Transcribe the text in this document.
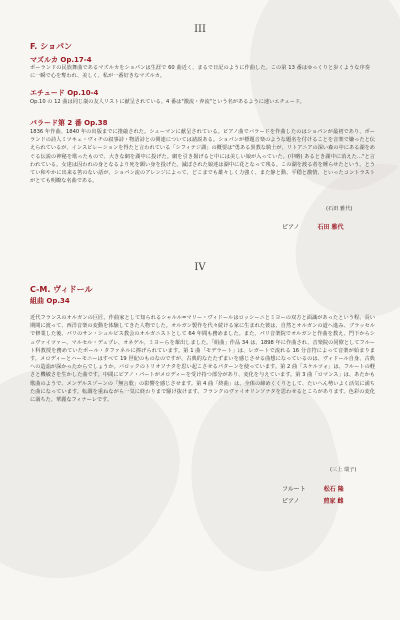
III
F. ショパン
マズルカ Op.17-4
ポーランドの民族舞曲であるマズルカをショパンは生涯で 60 曲近く、まるで日記のように作曲した。この第 13 番はゆっくりと歩くような序奏に一瞬で心を奪われ、美しく、私が一番好きなマズルカ。
エチュード Op.10-4
Op.10 の 12 曲は同じ歳の友人リストに献呈されている。4 番は"激流・奔流"という名があるように速いエチュード。
バラード第 2 番 Op.38
1836 年作曲、1840 年の出版までに推敲された。シューマンに献呈されている。ピアノ曲でバラードを作曲したのはショパンが最初であり、ポーランドの詩人ミツキェ・ヴィチの叙事詩・物語詩との関連については諸説ある。ショパンが標題音楽のような題名を付けることを音楽で嫌ったと伝えられているが、インスピレーションを得たと言われている「シフィテジ湖」の概要は"勇ある異教な騎士が、リトアニアの深い森の中にある湖をめぐる伝説の神秘を歌ったもので、大きな網を湖中に投げた。網を引き揚げると中には美しい娘が入っていた。(中略) あるとき湖中に消えた…"と言われている。女達は囚われの身となるより死を願い身を投げた。滅ぼされた娘達は湖中に花となって残る。この湖を渡る者を睡らせたという。とうてい和やかに出来る筈のない話が、ショパン流のアレンジによって、どこまでも雄々しく力強く、また静と動、平穏と激情、といったコントラストがとても明瞭な名曲である。
(石田 雅代)
ピアノ	石田 雅代
IV
C-M. ヴィドール
組曲 Op.34
近代フランスのオルガンの巨匠、作曲家として知られるシャルル=マリー・ヴィドールはロッシーニとミヨーの双方と面識があったという程、長い期間に渡って、西洋音楽の変動を体験してきた人物でした。オルガン製作を代々続ける家に生まれた彼は、自然とオルガンの道へ進み、ブラッセルで修業した後、パリのサン・シュルピス教会のオルガニストとして 64 年間も務めました。また、パリ音楽院でオルガンと作曲を教え、門下からシュヴァイツァー、マルセル・デュプレ、オネゲル、ミヨーらを輩出しました。「組曲」作品 34 は、1898 年に作曲され、音楽院の同僚としてフルート科教授を務めていたポール・タファネルに捧げられています。第 1 曲「モデラート」は、レガートで流れる 16 分音符によって音楽が始まります。メロディーとハーモニーはすべて 19 世紀のものなのですが、古典的なたたずまいを感じさせる曲想になっているのは、ヴィドール自身、古典への造詣が深かったからでしょうか。バロックのトリオソナタを思い起こさせるパターンを使っています。第 2 曲「スケルツォ」は、フルートの軽さと機敏さを生かした曲です。中間にピアノ・パートがメロディーを受け持つ部分があり、変化を与えています。第 3 曲「ロマンス」は、あたかも歌曲のようで、メンデルスゾーンの「無言歌」の影響を感じさせます。第 4 曲「終曲」は、全体の締めくくりとして、たいへん勢いよく活気に満ちた曲になっています。転調を重ねながら一気に終わりまで駆け抜けます。フランクのヴァイオリンソナタを思わせるところがあります。色彩の変化に満ちた、華麗なフィナーレです。
(三上 瑞子)
フルート	松石 隆
ピアノ	煎家 雌
